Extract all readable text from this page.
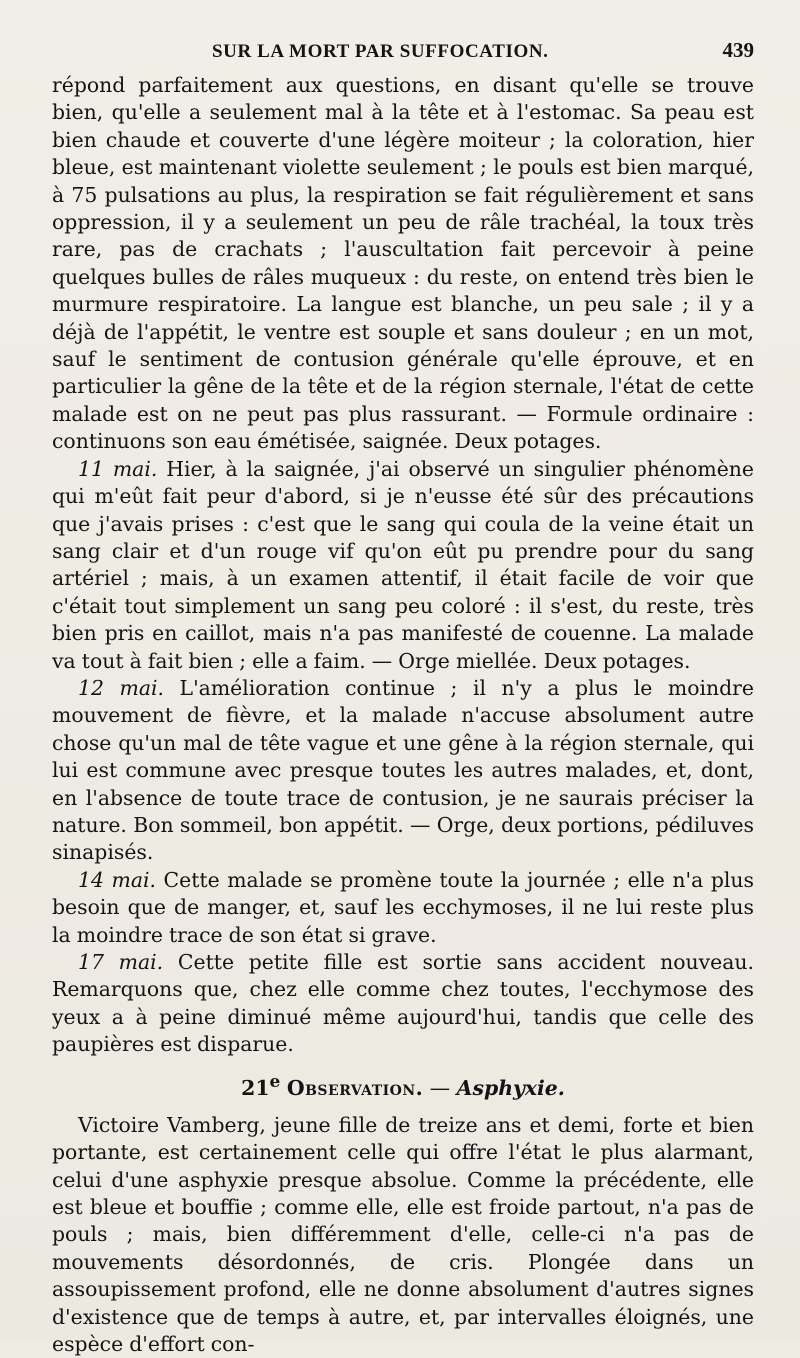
SUR LA MORT PAR SUFFOCATION.	439

répond parfaitement aux questions, en disant qu'elle se trouve bien, qu'elle a seulement mal à la tête et à l'estomac. Sa peau est bien chaude et couverte d'une légère moiteur ; la coloration, hier bleue, est maintenant violette seulement ; le pouls est bien marqué, à 75 pulsations au plus, la respiration se fait régulièrement et sans oppression, il y a seulement un peu de râle trachéal, la toux très rare, pas de crachats ; l'auscultation fait percevoir à peine quelques bulles de râles muqueux : du reste, on entend très bien le murmure respiratoire. La langue est blanche, un peu sale ; il y a déjà de l'appétit, le ventre est souple et sans douleur ; en un mot, sauf le sentiment de contusion générale qu'elle éprouve, et en particulier la gêne de la tête et de la région sternale, l'état de cette malade est on ne peut pas plus rassurant. — Formule ordinaire : continuons son eau émétisée, saignée. Deux potages.

11 mai. Hier, à la saignée, j'ai observé un singulier phénomène qui m'eût fait peur d'abord, si je n'eusse été sûr des précautions que j'avais prises : c'est que le sang qui coula de la veine était un sang clair et d'un rouge vif qu'on eût pu prendre pour du sang artériel ; mais, à un examen attentif, il était facile de voir que c'était tout simplement un sang peu coloré : il s'est, du reste, très bien pris en caillot, mais n'a pas manifesté de couenne. La malade va tout à fait bien ; elle a faim. — Orge miellée. Deux potages.

12 mai. L'amélioration continue ; il n'y a plus le moindre mouvement de fièvre, et la malade n'accuse absolument autre chose qu'un mal de tête vague et une gêne à la région sternale, qui lui est commune avec presque toutes les autres malades, et, dont, en l'absence de toute trace de contusion, je ne saurais préciser la nature. Bon sommeil, bon appétit. — Orge, deux portions, pédiluves sinapisés.

14 mai. Cette malade se promène toute la journée ; elle n'a plus besoin que de manger, et, sauf les ecchymoses, il ne lui reste plus la moindre trace de son état si grave.

17 mai. Cette petite fille est sortie sans accident nouveau. Remarquons que, chez elle comme chez toutes, l'ecchymose des yeux a à peine diminué même aujourd'hui, tandis que celle des paupières est disparue.

21e Observation. — Asphyxie.

Victoire Vamberg, jeune fille de treize ans et demi, forte et bien portante, est certainement celle qui offre l'état le plus alarmant, celui d'une asphyxie presque absolue. Comme la précédente, elle est bleue et bouffie ; comme elle, elle est froide partout, n'a pas de pouls ; mais, bien différemment d'elle, celle-ci n'a pas de mouvements désordonnés, de cris. Plongée dans un assoupissement profond, elle ne donne absolument d'autres signes d'existence que de temps à autre, et, par intervalles éloignés, une espèce d'effort con-
